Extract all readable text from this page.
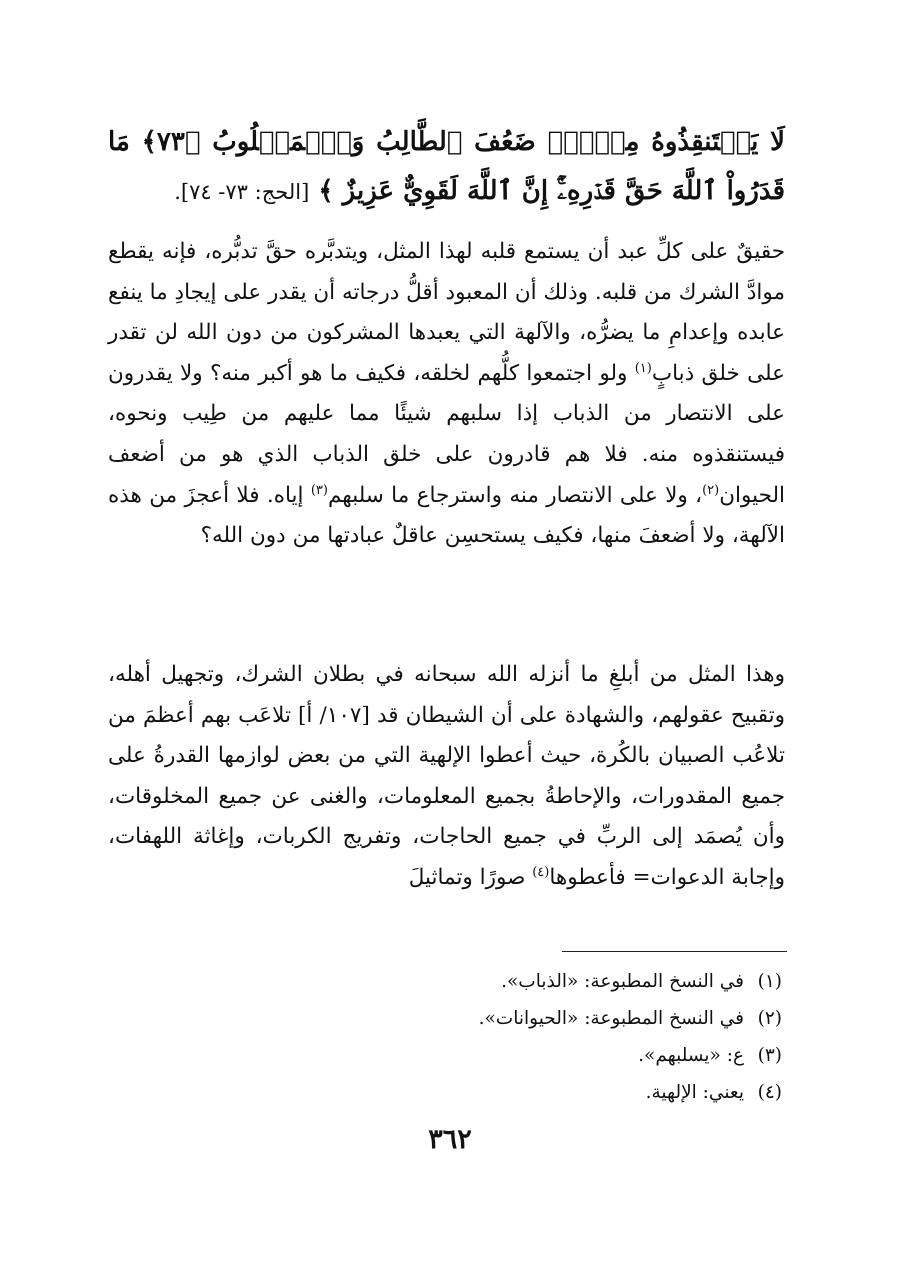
لَا يَسۡتَنقِذُوهُ مِنۡهُۚ ضَعُفَ ٱلطَّالِبُ وَٱلۡمَطۡلُوبُ ﴿٧٣﴾ مَا قَدَرُواْ ٱللَّهَ حَقَّ قَدۡرِهِۦٓۚ إِنَّ ٱللَّهَ لَقَوِيٌّ عَزِيزٌ ﴾ [الحج: ٧٣- ٧٤].

حقيقٌ على كلِّ عبد أن يستمع قلبه لهذا المثل، ويتدبَّره حقَّ تدبُّره، فإنه يقطع موادَّ الشرك من قلبه. وذلك أن المعبود أقلُّ درجاته أن يقدر على إيجادِ ما ينفع عابده وإعدامِ ما يضرُّه، والآلهة التي يعبدها المشركون من دون الله لن تقدر على خلق ذبابٍ$^{(١)}$ ولو اجتمعوا كلُّهم لخلقه، فكيف ما هو أكبر منه؟ ولا يقدرون على الانتصار من الذباب إذا سلبهم شيئًا مما عليهم من طِيب ونحوه، فيستنقذوه منه. فلا هم قادرون على خلق الذباب الذي هو من أضعف الحيوان$^{(٢)}$، ولا على الانتصار منه واسترجاع ما سلبهم$^{(٣)}$ إياه. فلا أعجزَ من هذه الآلهة، ولا أضعفَ منها، فكيف يستحسِن عاقلٌ عبادتها من دون الله؟

وهذا المثل من أبلغِ ما أنزله الله سبحانه في بطلان الشرك، وتجهيل أهله، وتقبيح عقولهم، والشهادة على أن الشيطان قد [١٠٧/ أ] تلاعَب بهم أعظمَ من تلاعُب الصبيان بالكُرة، حيث أعطوا الإلهية التي من بعض لوازمها القدرةُ على جميع المقدورات، والإحاطةُ بجميع المعلومات، والغنى عن جميع المخلوقات، وأن يُصمَد إلى الربِّ في جميع الحاجات، وتفريج الكربات، وإغاثة اللهفات، وإجابة الدعوات= فأعطوها$^{(٤)}$ صورًا وتماثيلَ

(١)
في النسخ المطبوعة: «الذباب».
(٢)
في النسخ المطبوعة: «الحيوانات».
(٣)
ع: «يسلبهم».
(٤)
يعني: الإلهية.
٣٦٢
